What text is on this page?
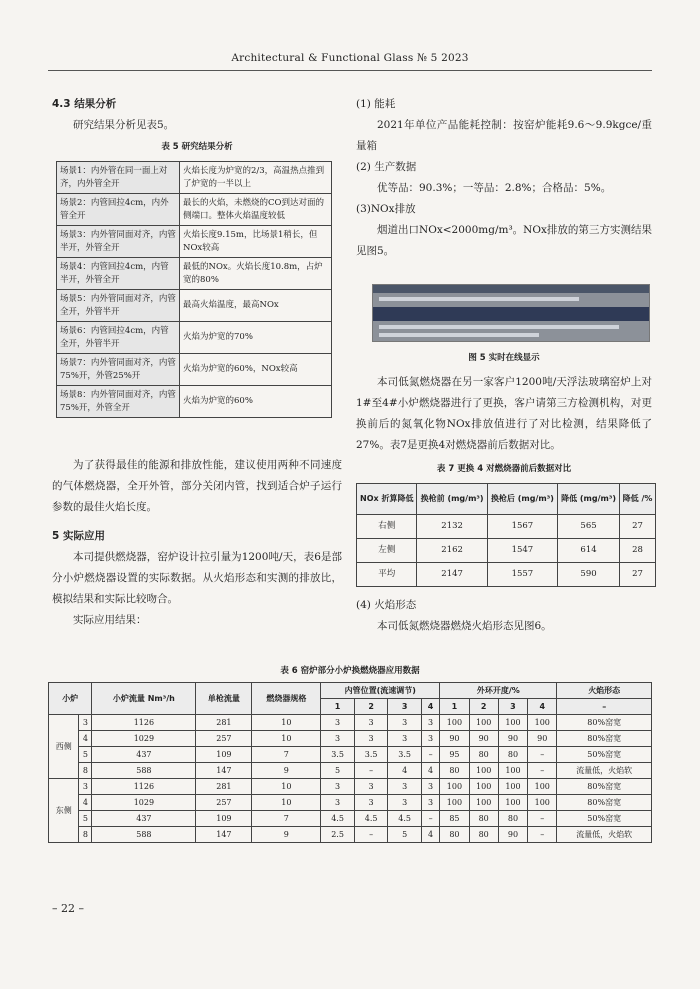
Architectural & Functional Glass № 5 2023
4.3 结果分析

研究结果分析见表5。

表 5 研究结果分析
场景1：内外管在同一面上对齐，内外管全开	火焰长度为炉宽的2/3，高温热点推到了炉宽的一半以上
场景2：内管回拉4cm，内外管全开	最长的火焰，未燃烧的CO到达对面的侧端口。整体火焰温度较低
场景3：内外管同面对齐，内管半开，外管全开	火焰长度9.15m，比场景1稍长，但NOx较高
场景4：内管回拉4cm，内管半开，外管全开	最低的NOx。火焰长度10.8m，占炉宽的80%
场景5：内外管同面对齐，内管全开，外管半开	最高火焰温度，最高NOx
场景6：内管回拉4cm，内管全开，外管半开	火焰为炉宽的70%
场景7：内外管同面对齐，内管75%开，外管25%开	火焰为炉宽的60%，NOx较高
场景8：内外管同面对齐，内管75%开，外管全开	火焰为炉宽的60%

为了获得最佳的能源和排放性能，建议使用两种不同速度的气体燃烧器，全开外管，部分关闭内管，找到适合炉子运行参数的最佳火焰长度。

5 实际应用

本司提供燃烧器，窑炉设计拉引量为1200吨/天，表6是部分小炉燃烧器设置的实际数据。从火焰形态和实测的排放比，模拟结果和实际比较吻合。

实际应用结果：

(1) 能耗

2021年单位产品能耗控制：按窑炉能耗9.6～9.9kgce/重量箱

(2) 生产数据

优等品：90.3%；一等品：2.8%；合格品：5%。

(3)NOx排放

烟道出口NOx<2000mg/m³。NOx排放的第三方实测结果见图5。

图 5 实时在线显示

本司低氮燃烧器在另一家客户1200吨/天浮法玻璃窑炉上对1#至4#小炉燃烧器进行了更换，客户请第三方检测机构，对更换前后的氮氧化物NOx排放值进行了对比检测，结果降低了27%。表7是更换4对燃烧器前后数据对比。

表 7 更换 4 对燃烧器前后数据对比
NOx 折算降低	换枪前 (mg/m³)	换枪后 (mg/m³)	降低 (mg/m³)	降低 /%
右侧	2132	1567	565	27
左侧	2162	1547	614	28
平均	2147	1557	590	27

(4) 火焰形态

本司低氮燃烧器燃烧火焰形态见图6。

表 6 窑炉部分小炉换燃烧器应用数据
小炉		小炉流量 Nm³/h	单枪流量	燃烧器规格	内管位置(流速调节)				外环开度/%				火焰形态
					1	2	3	4	1	2	3	4	–
西侧	3	1126	281	10	3	3	3	3	100	100	100	100	80%窑宽
	4	1029	257	10	3	3	3	3	90	90	90	90	80%窑宽
	5	437	109	7	3.5	3.5	3.5	–	95	80	80	–	50%窑宽
	8	588	147	9	5	–	4	4	80	100	100	–	流量低，火焰软
东侧	3	1126	281	10	3	3	3	3	100	100	100	100	80%窑宽
	4	1029	257	10	3	3	3	3	100	100	100	100	80%窑宽
	5	437	109	7	4.5	4.5	4.5	–	85	80	80	–	50%窑宽
	8	588	147	9	2.5	–	5	4	80	80	90	–	流量低，火焰软
– 22 –
